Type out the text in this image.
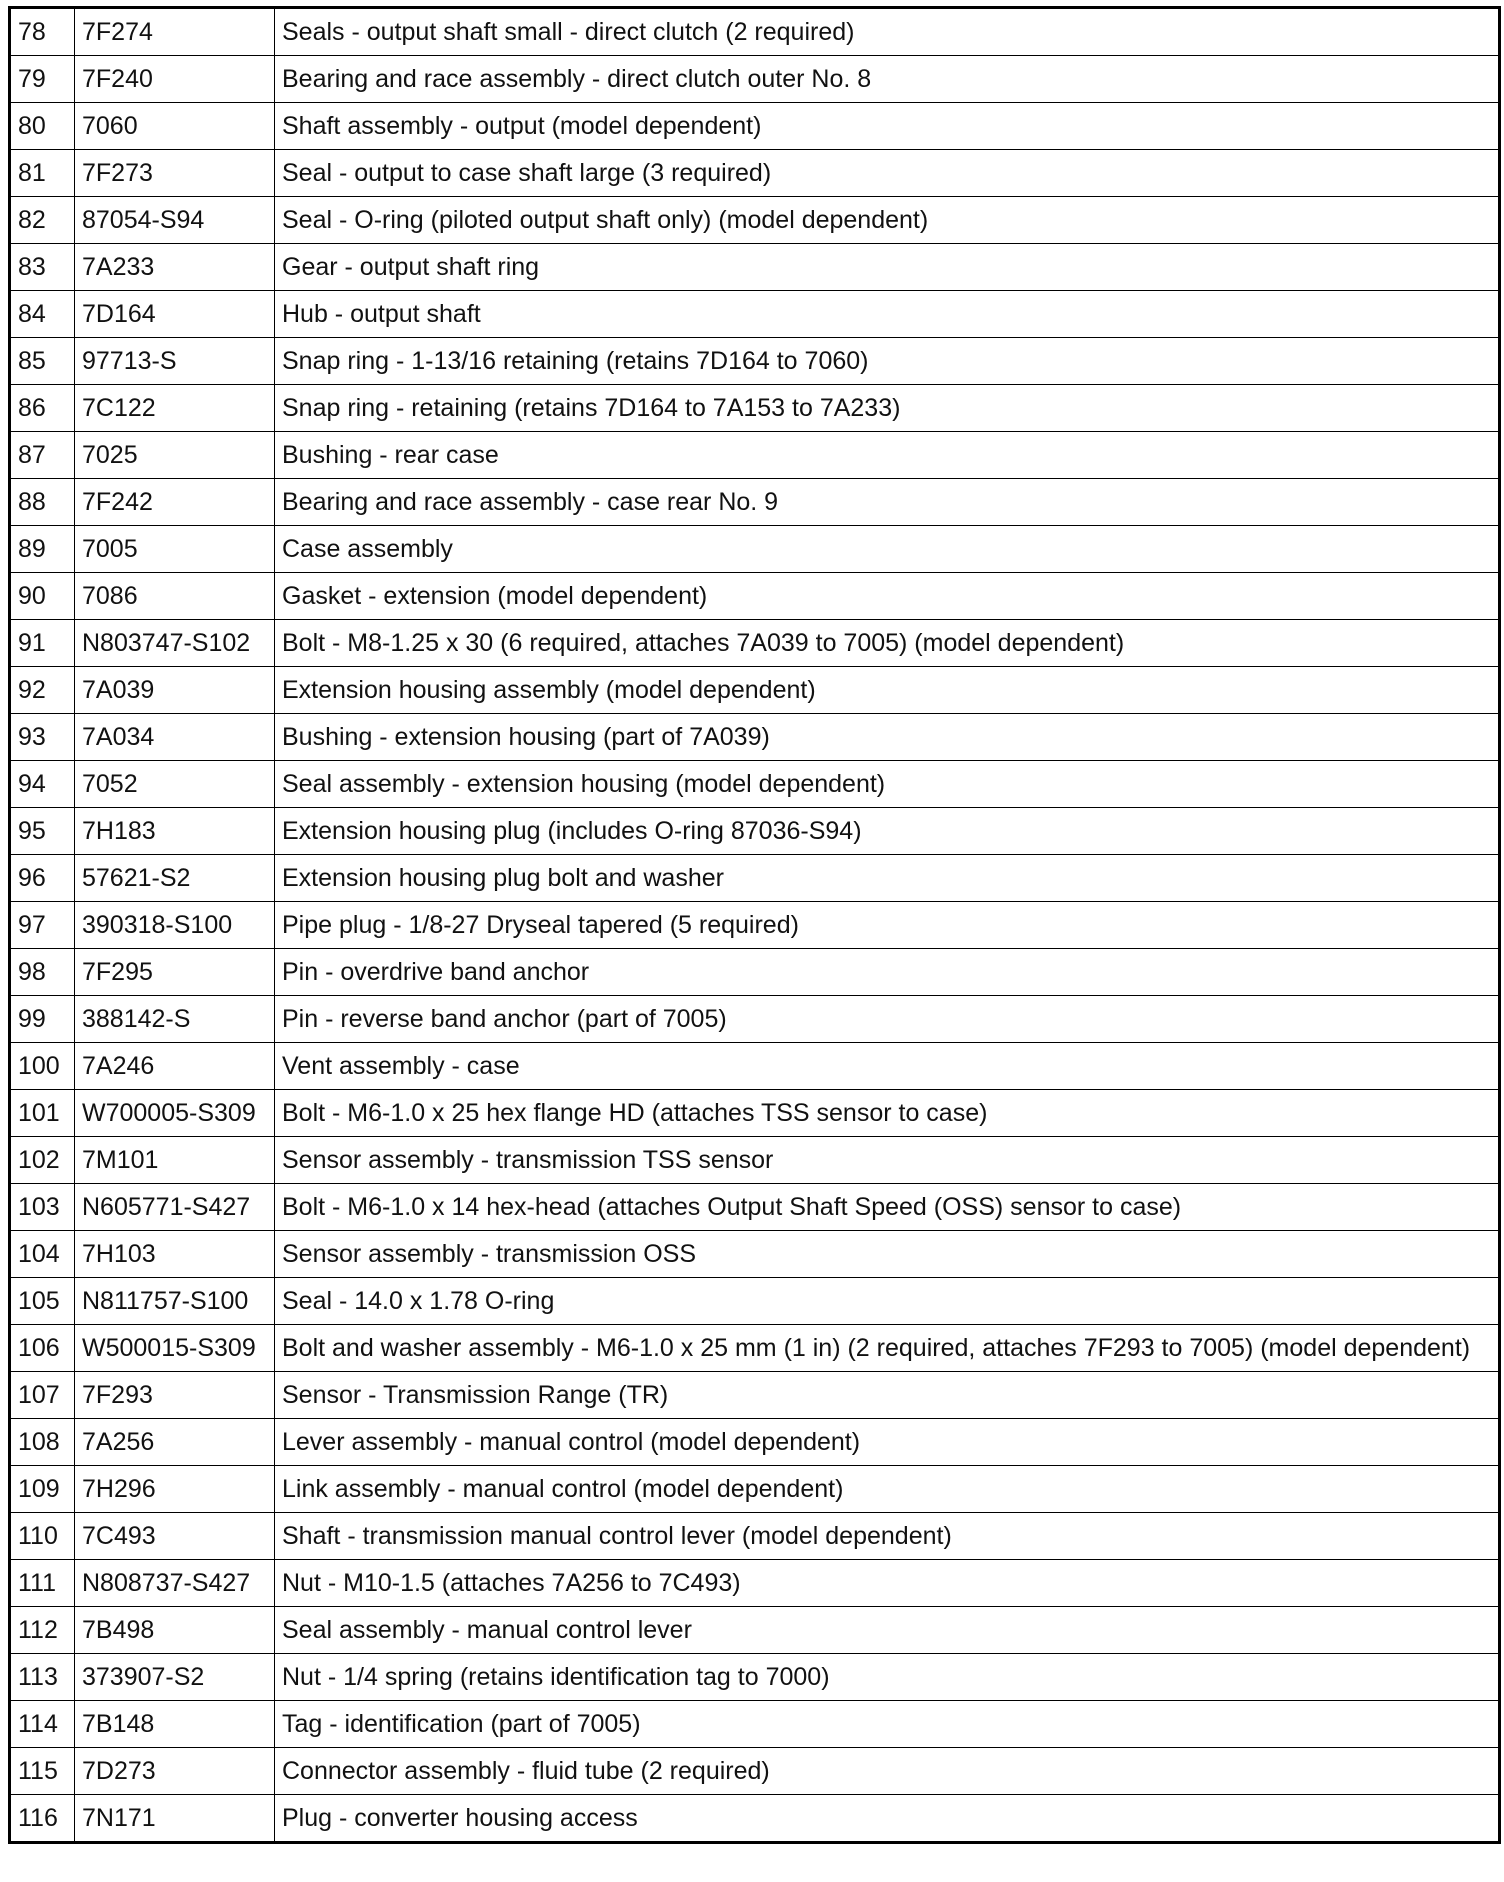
78	7F274	Seals - output shaft small - direct clutch (2 required)
79	7F240	Bearing and race assembly - direct clutch outer No. 8
80	7060	Shaft assembly - output (model dependent)
81	7F273	Seal - output to case shaft large (3 required)
82	87054-S94	Seal - O-ring (piloted output shaft only) (model dependent)
83	7A233	Gear - output shaft ring
84	7D164	Hub - output shaft
85	97713-S	Snap ring - 1-13/16 retaining (retains 7D164 to 7060)
86	7C122	Snap ring - retaining (retains 7D164 to 7A153 to 7A233)
87	7025	Bushing - rear case
88	7F242	Bearing and race assembly - case rear No. 9
89	7005	Case assembly
90	7086	Gasket - extension (model dependent)
91	N803747-S102	Bolt - M8-1.25 x 30 (6 required, attaches 7A039 to 7005) (model dependent)
92	7A039	Extension housing assembly (model dependent)
93	7A034	Bushing - extension housing (part of 7A039)
94	7052	Seal assembly - extension housing (model dependent)
95	7H183	Extension housing plug (includes O-ring 87036-S94)
96	57621-S2	Extension housing plug bolt and washer
97	390318-S100	Pipe plug - 1/8-27 Dryseal tapered (5 required)
98	7F295	Pin - overdrive band anchor
99	388142-S	Pin - reverse band anchor (part of 7005)
100	7A246	Vent assembly - case
101	W700005-S309	Bolt - M6-1.0 x 25 hex flange HD (attaches TSS sensor to case)
102	7M101	Sensor assembly - transmission TSS sensor
103	N605771-S427	Bolt - M6-1.0 x 14 hex-head (attaches Output Shaft Speed (OSS) sensor to case)
104	7H103	Sensor assembly - transmission OSS
105	N811757-S100	Seal - 14.0 x 1.78 O-ring
106	W500015-S309	Bolt and washer assembly - M6-1.0 x 25 mm (1 in) (2 required, attaches 7F293 to 7005) (model dependent)
107	7F293	Sensor - Transmission Range (TR)
108	7A256	Lever assembly - manual control (model dependent)
109	7H296	Link assembly - manual control (model dependent)
110	7C493	Shaft - transmission manual control lever (model dependent)
111	N808737-S427	Nut - M10-1.5 (attaches 7A256 to 7C493)
112	7B498	Seal assembly - manual control lever
113	373907-S2	Nut - 1/4 spring (retains identification tag to 7000)
114	7B148	Tag - identification (part of 7005)
115	7D273	Connector assembly - fluid tube (2 required)
116	7N171	Plug - converter housing access
